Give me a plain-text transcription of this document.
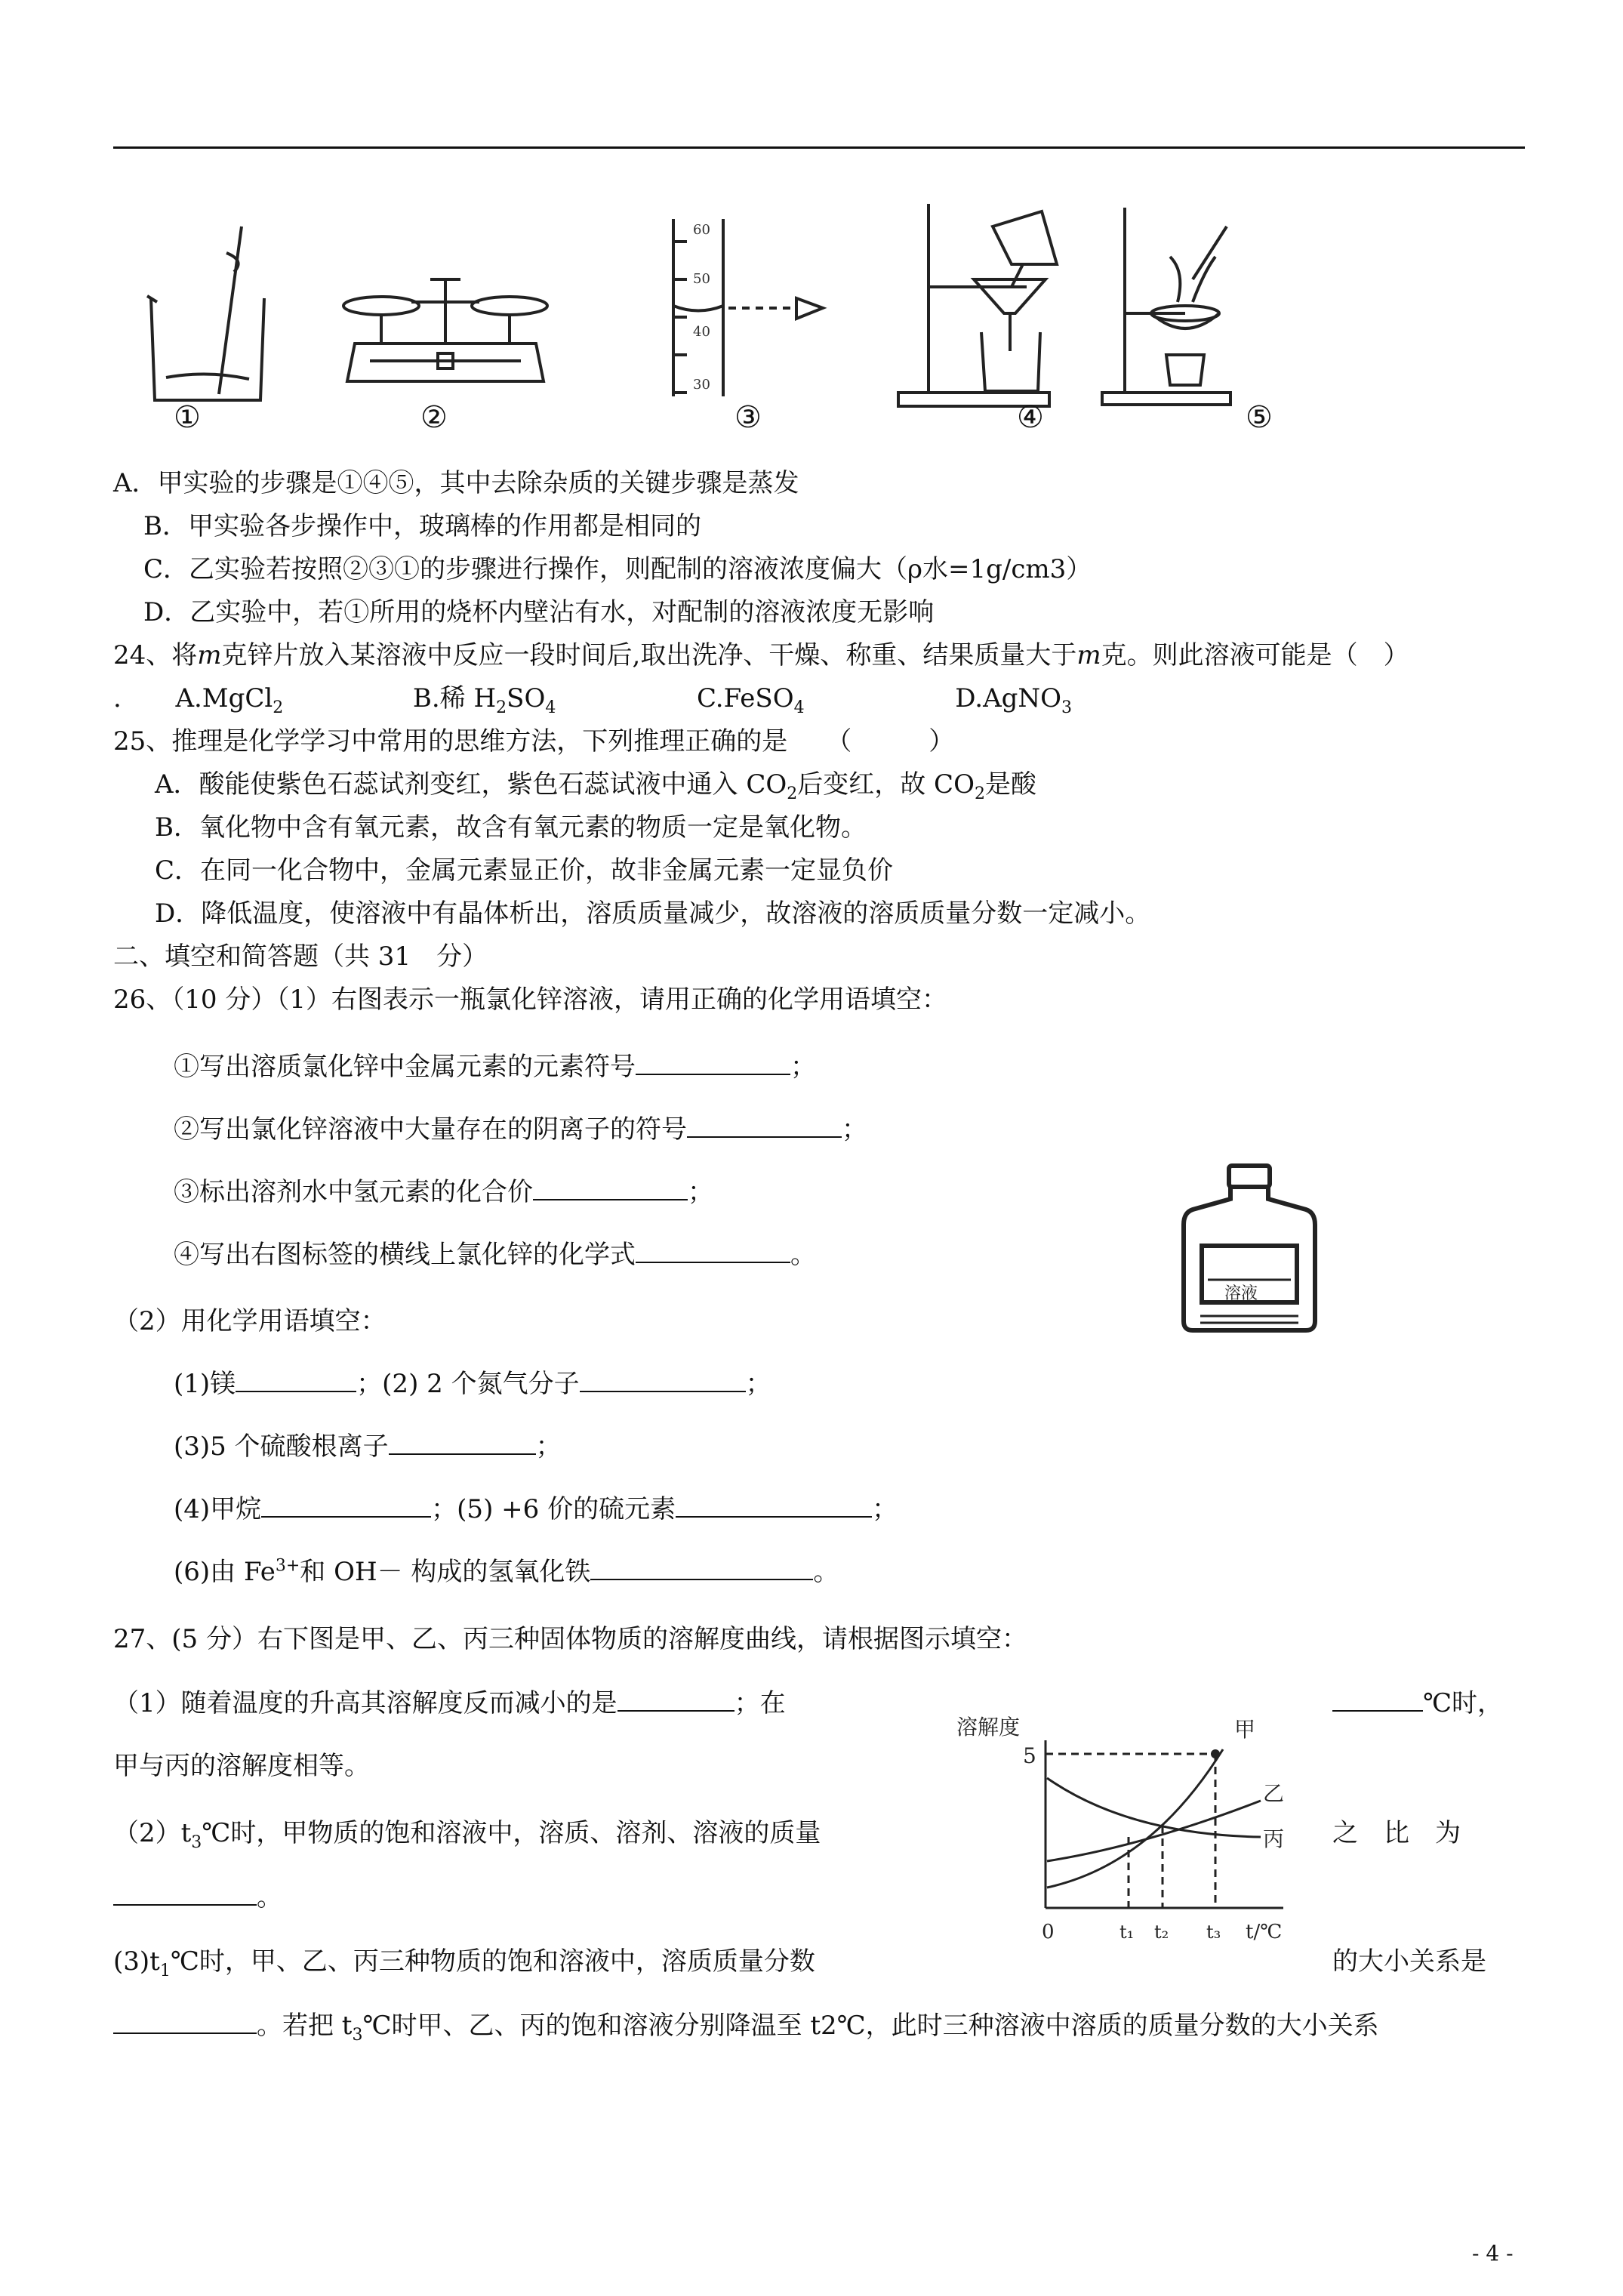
60
50
40
30
①	②	③	④	⑤
A．甲实验的步骤是①④⑤，其中去除杂质的关键步骤是蒸发
B．甲实验各步操作中，玻璃棒的作用都是相同的
C．乙实验若按照②③①的步骤进行操作，则配制的溶液浓度偏大（ρ水=1g/cm3）
D．乙实验中，若①所用的烧杯内壁沾有水，对配制的溶液浓度无影响
24、将m克锌片放入某溶液中反应一段时间后,取出洗净、干燥、称重、结果质量大于m克。则此溶液可能是（　）
. A.MgCl$_2$	B.稀 $H_2SO_4$	C.FeSO$_4$	D.AgNO$_3$
25、推理是化学学习中常用的思维方法，下列推理正确的是　　（　　　）
A．酸能使紫色石蕊试剂变红，紫色石蕊试液中通入 $CO_2$后变红，故 $CO_2$是酸
B．氧化物中含有氧元素，故含有氧元素的物质一定是氧化物。
C．在同一化合物中，金属元素显正价，故非金属元素一定显负价
D．降低温度，使溶液中有晶体析出，溶质质量减少，故溶液的溶质质量分数一定减小。
二、填空和简答题（共 31　分）
26、（10 分）（1）右图表示一瓶氯化锌溶液，请用正确的化学用语填空：
①写出溶质氯化锌中金属元素的元素符号	；
②写出氯化锌溶液中大量存在的阴离子的符号	；
③标出溶剂水中氢元素的化合价	；
④写出右图标签的横线上氯化锌的化学式	。
溶液
（2）用化学用语填空：
(1)镁	；(2) 2 个氮气分子	；
(3)5 个硫酸根离子	；
(4)甲烷	；(5) +6 价的硫元素	；
(6)由 $Fe^{3+}$和 OH－ 构成的氢氧化铁	。
27、(5 分）右下图是甲、乙、丙三种固体物质的溶解度曲线，请根据图示填空：
（1）随着温度的升高其溶解度反而减小的是	；在	℃时，
甲与丙的溶解度相等。
$(2)t_3℃$时，甲物质的饱和溶液中，溶质、溶剂、溶液的质量	之　比　为
。
$(3)t_1℃$时，甲、乙、丙三种物质的饱和溶液中，溶质质量分数	的大小关系是
。若把 $t_3℃$时甲、乙、丙的饱和溶液分别降温至 t2℃，此时三种溶液中溶质的质量分数的大小关系
溶解度
5
0	t₁ t₂ t₃ t/℃
甲
乙
丙
- 4 -
